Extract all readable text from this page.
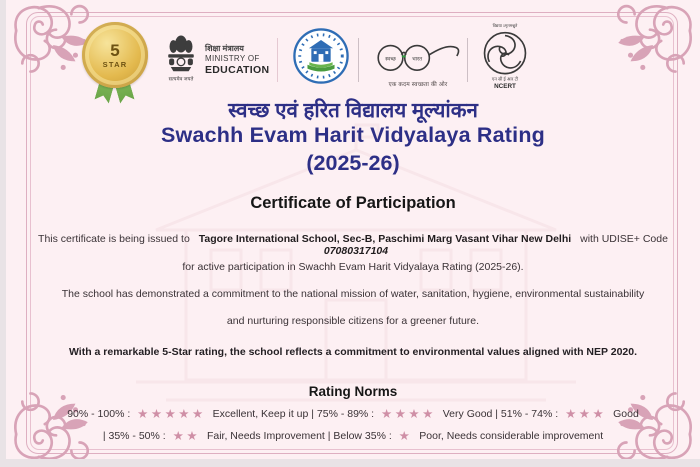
5
STAR
सत्यमेव जयते
शिक्षा मंत्रालय
MINISTRY OF
EDUCATION
स्वच्छ	भारत
एक कदम स्वच्छता की ओर
विद्यया ऽमृतमश्नुते
एन सी ई आर टी
NCERT
स्वच्छ एवं हरित विद्यालय मूल्यांकन
Swachh Evam Harit Vidyalaya Rating
(2025-26)
Certificate of Participation
This certificate is being issued to Tagore International School, Sec-B, Paschimi Marg Vasant Vihar New Delhi with UDISE+ Code 07080317104
for active participation in Swachh Evam Harit Vidyalaya Rating (2025-26).
The school has demonstrated a commitment to the national mission of water, sanitation, hygiene, environmental sustainability
and nurturing responsible citizens for a greener future.
With a remarkable 5-Star rating, the school reflects a commitment to environmental values aligned with NEP 2020.
Rating Norms
90% - 100% : ★★★★★ Excellent, Keep it up | 75% - 89% : ★★★★ Very Good | 51% - 74% : ★★★ Good
| 35% - 50% : ★★ Fair, Needs Improvement | Below 35% : ★ Poor, Needs considerable improvement
